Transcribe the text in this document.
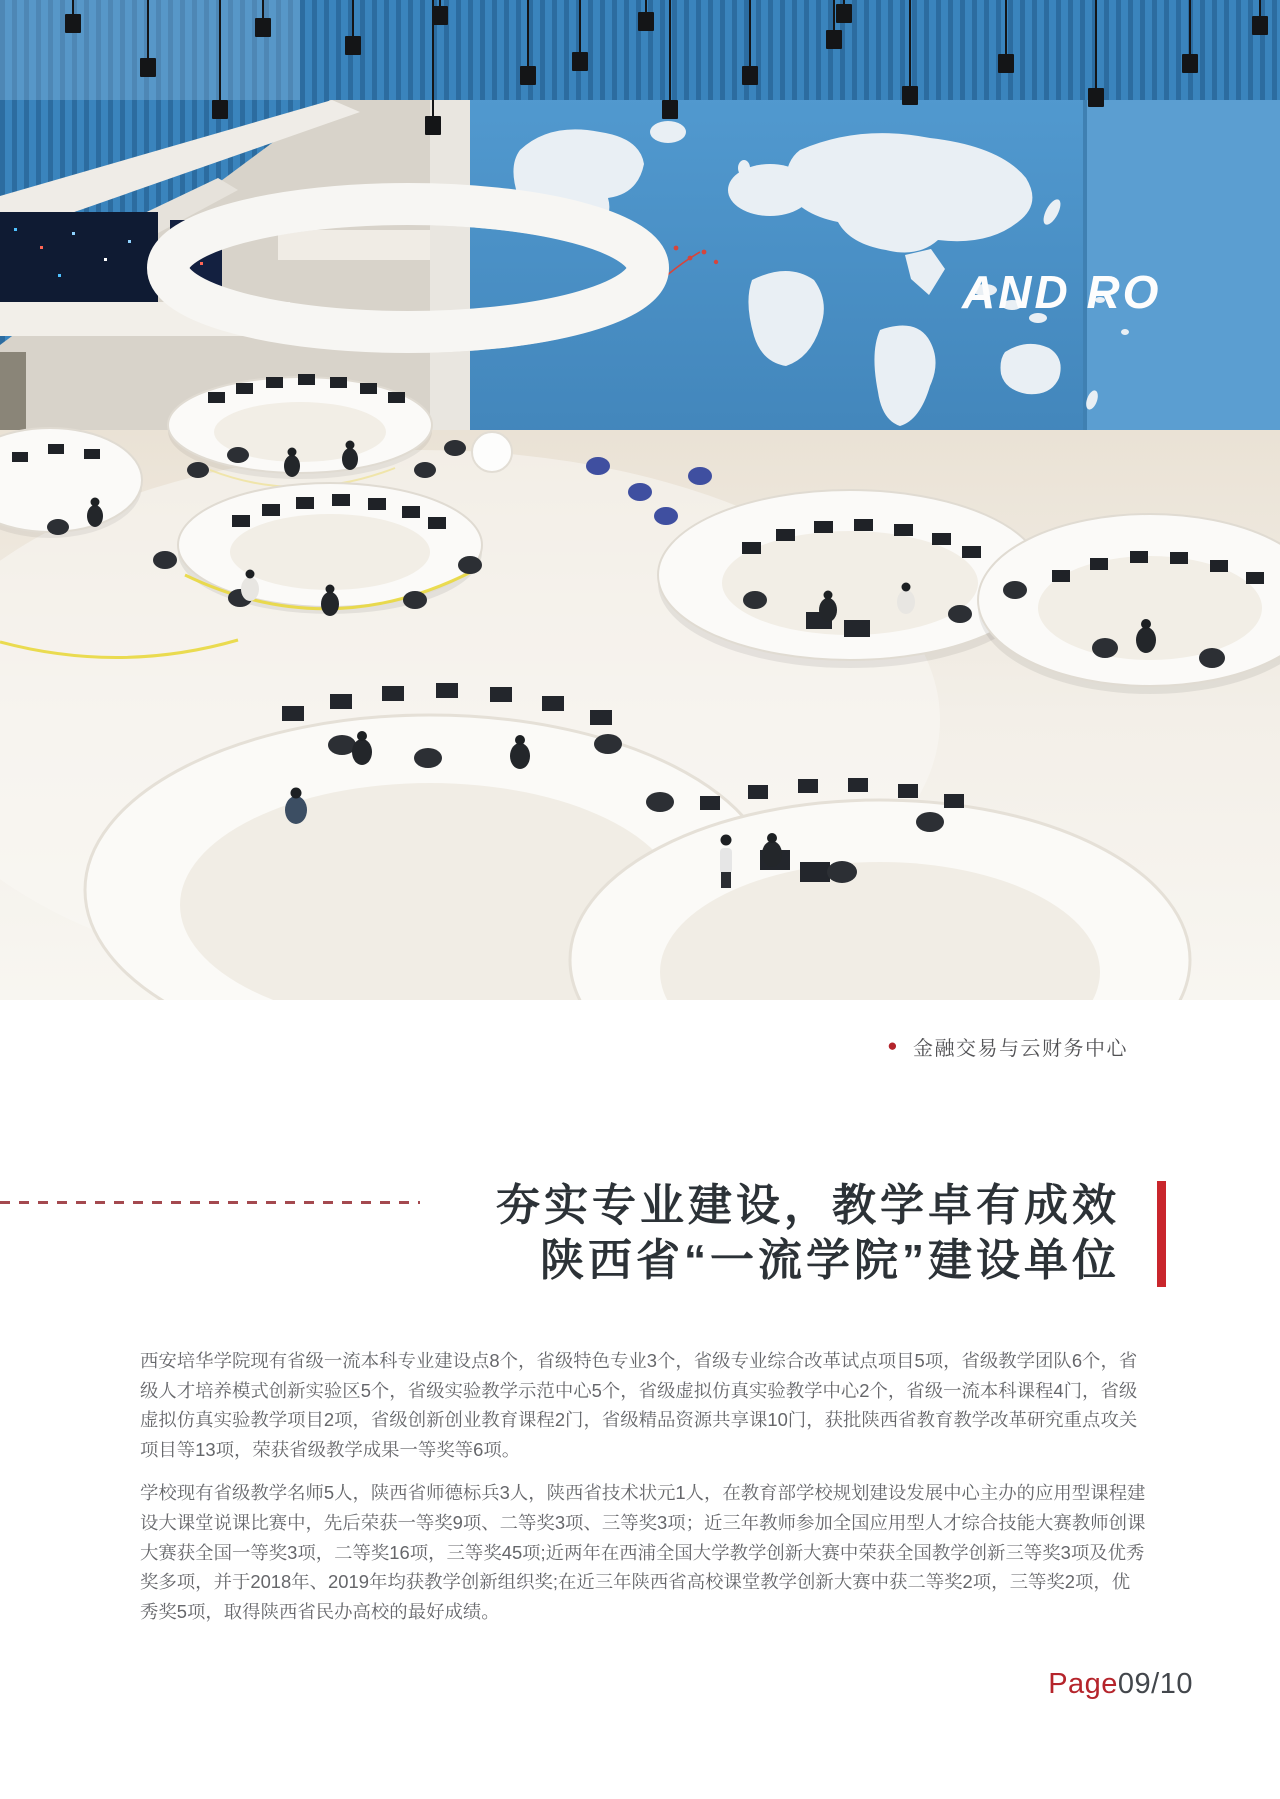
AND RO
● 金融交易与云财务中心
夯实专业建设，教学卓有成效
陕西省“一流学院”建设单位
西安培华学院现有省级一流本科专业建设点8个，省级特色专业3个，省级专业综合改革试点项目5项，省级教学团队6个，省
级人才培养模式创新实验区5个，省级实验教学示范中心5个，省级虚拟仿真实验教学中心2个，省级一流本科课程4门，省级
虚拟仿真实验教学项目2项，省级创新创业教育课程2门，省级精品资源共享课10门，获批陕西省教育教学改革研究重点攻关
项目等13项，荣获省级教学成果一等奖等6项。
学校现有省级教学名师5人，陕西省师德标兵3人，陕西省技术状元1人，在教育部学校规划建设发展中心主办的应用型课程建
设大课堂说课比赛中，先后荣获一等奖9项、二等奖3项、三等奖3项；近三年教师参加全国应用型人才综合技能大赛教师创课
大赛获全国一等奖3项，二等奖16项，三等奖45项;近两年在西浦全国大学教学创新大赛中荣获全国教学创新三等奖3项及优秀
奖多项，并于2018年、2019年均获教学创新组织奖;在近三年陕西省高校课堂教学创新大赛中获二等奖2项，三等奖2项，优
秀奖5项，取得陕西省民办高校的最好成绩。
Page09/10
